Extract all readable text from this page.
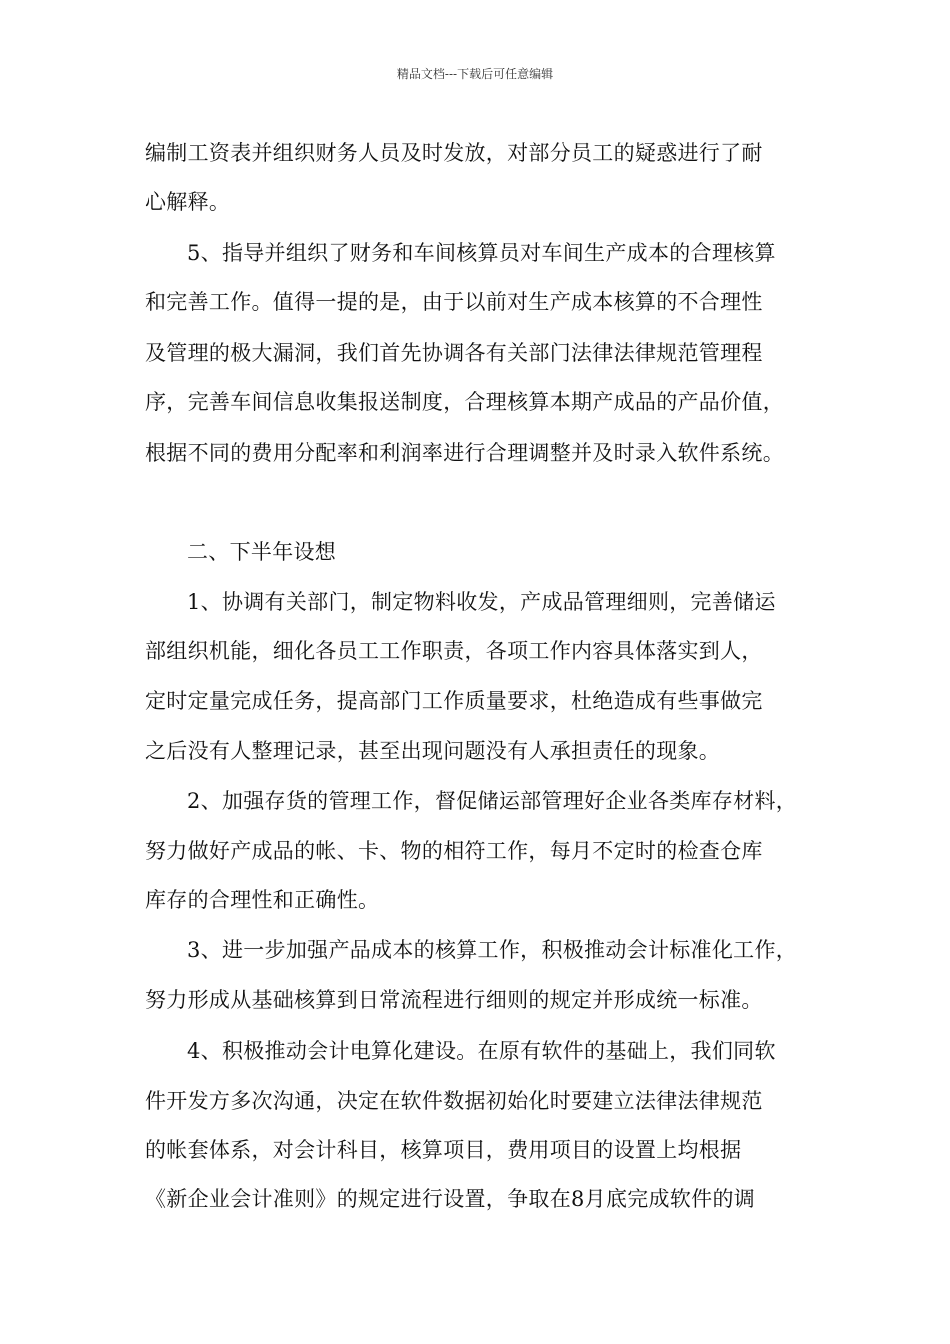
精品文档---下载后可任意编辑
编制工资表并组织财务人员及时发放，对部分员工的疑惑进行了耐
心解释。
5、指导并组织了财务和车间核算员对车间生产成本的合理核算
和完善工作。值得一提的是，由于以前对生产成本核算的不合理性
及管理的极大漏洞，我们首先协调各有关部门法律法律规范管理程
序，完善车间信息收集报送制度，合理核算本期产成品的产品价值，
根据不同的费用分配率和利润率进行合理调整并及时录入软件系统。
二、下半年设想
1、协调有关部门，制定物料收发，产成品管理细则，完善储运
部组织机能，细化各员工工作职责，各项工作内容具体落实到人，
定时定量完成任务，提高部门工作质量要求，杜绝造成有些事做完
之后没有人整理记录，甚至出现问题没有人承担责任的现象。
2、加强存货的管理工作，督促储运部管理好企业各类库存材料，
努力做好产成品的帐、卡、物的相符工作，每月不定时的检查仓库
库存的合理性和正确性。
3、进一步加强产品成本的核算工作，积极推动会计标准化工作，
努力形成从基础核算到日常流程进行细则的规定并形成统一标准。
4、积极推动会计电算化建设。在原有软件的基础上，我们同软
件开发方多次沟通，决定在软件数据初始化时要建立法律法律规范
的帐套体系，对会计科目，核算项目，费用项目的设置上均根据
《新企业会计准则》的规定进行设置，争取在8月底完成软件的调
